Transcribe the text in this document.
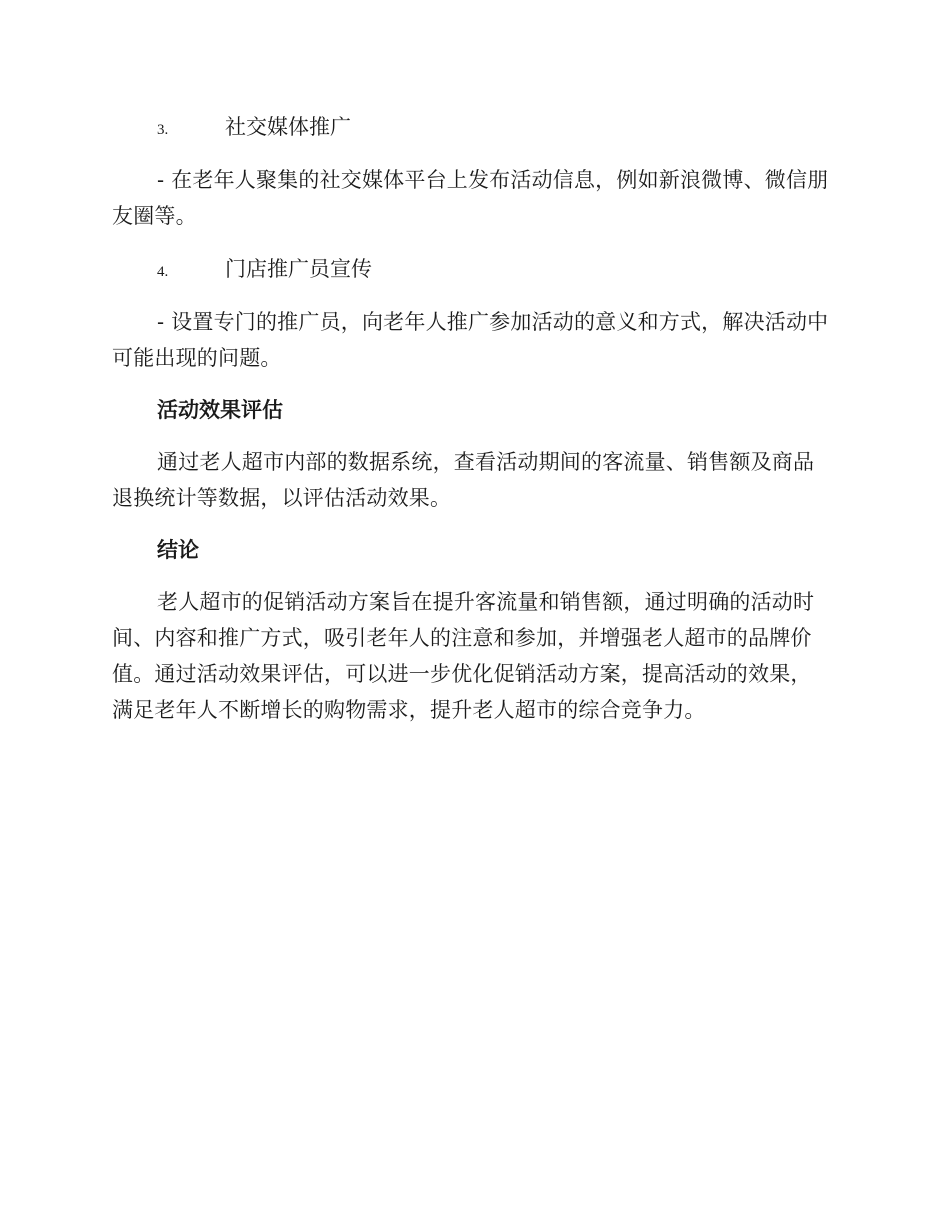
3.	社交媒体推广

- 在老年人聚集的社交媒体平台上发布活动信息，例如新浪微博、微信朋友圈等。

4.	门店推广员宣传

- 设置专门的推广员，向老年人推广参加活动的意义和方式，解决活动中可能出现的问题。

活动效果评估

通过老人超市内部的数据系统，查看活动期间的客流量、销售额及商品退换统计等数据，以评估活动效果。

结论

老人超市的促销活动方案旨在提升客流量和销售额，通过明确的活动时间、内容和推广方式，吸引老年人的注意和参加，并增强老人超市的品牌价值。通过活动效果评估，可以进一步优化促销活动方案，提高活动的效果，满足老年人不断增长的购物需求，提升老人超市的综合竞争力。
